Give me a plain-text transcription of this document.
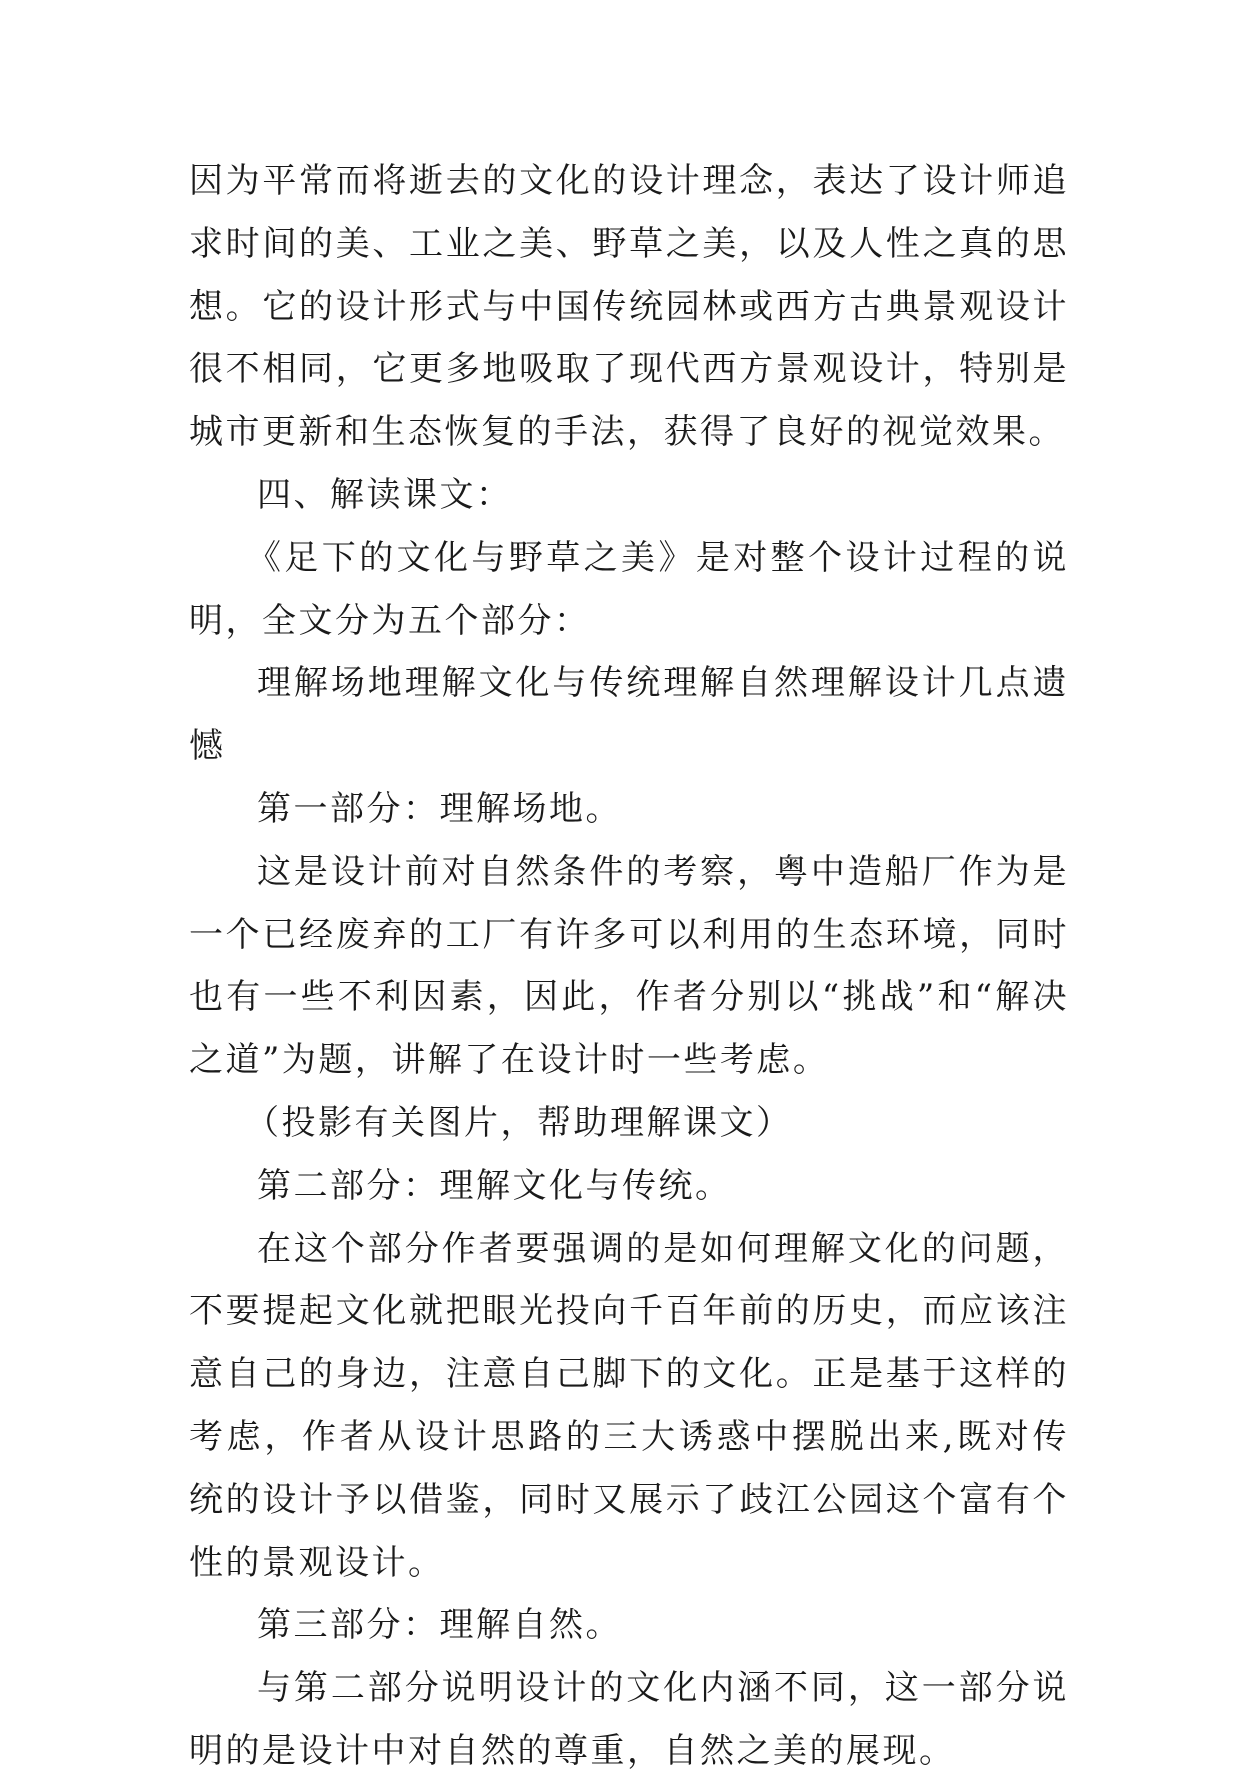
因为平常而将逝去的文化的设计理念，表达了设计师追求时间的美、工业之美、野草之美，以及人性之真的思想。它的设计形式与中国传统园林或西方古典景观设计很不相同，它更多地吸取了现代西方景观设计，特别是城市更新和生态恢复的手法，获得了良好的视觉效果。

四、解读课文：

《足下的文化与野草之美》是对整个设计过程的说明，全文分为五个部分：

理解场地理解文化与传统理解自然理解设计几点遗憾

第一部分：理解场地。

这是设计前对自然条件的考察，粤中造船厂作为是一个已经废弃的工厂有许多可以利用的生态环境，同时也有一些不利因素，因此，作者分别以“挑战”和“解决之道”为题，讲解了在设计时一些考虑。

（投影有关图片，帮助理解课文）

第二部分：理解文化与传统。

在这个部分作者要强调的是如何理解文化的问题，不要提起文化就把眼光投向千百年前的历史，而应该注意自己的身边，注意自己脚下的文化。正是基于这样的考虑，作者从设计思路的三大诱惑中摆脱出来,既对传统的设计予以借鉴，同时又展示了歧江公园这个富有个性的景观设计。

第三部分：理解自然。

与第二部分说明设计的文化内涵不同，这一部分说明的是设计中对自然的尊重，自然之美的展现。
